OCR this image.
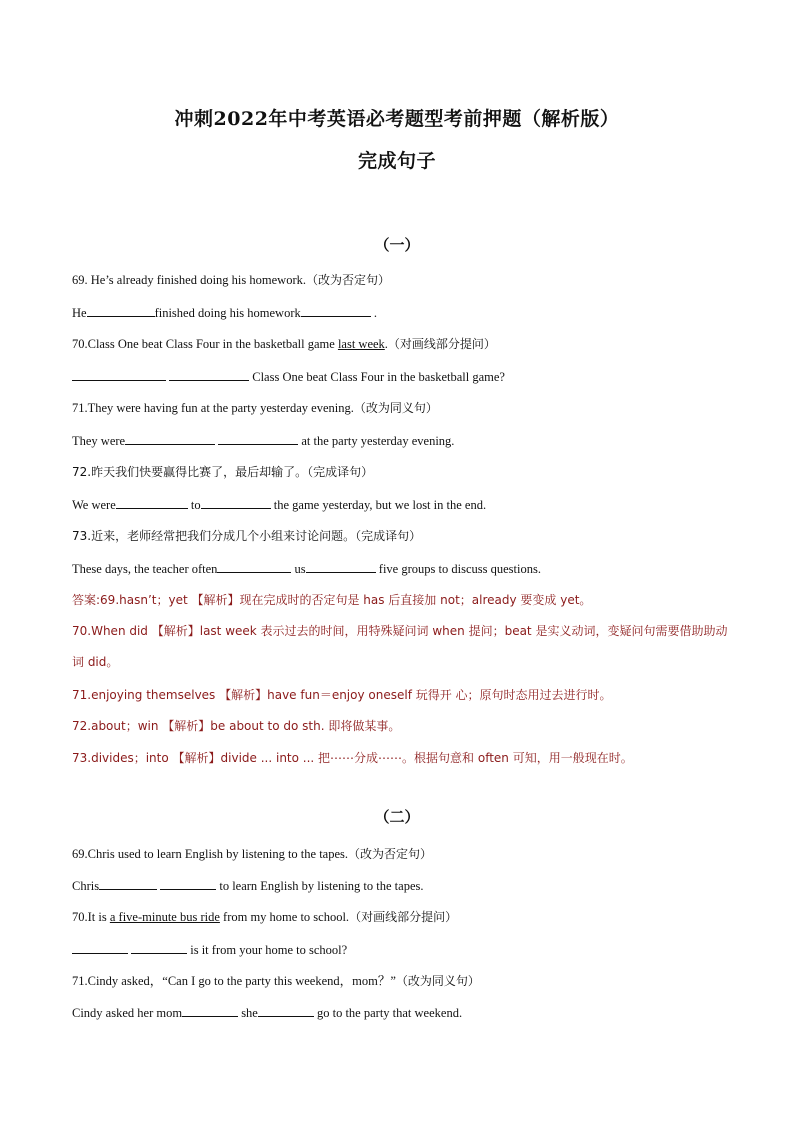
冲刺2022年中考英语必考题型考前押题（解析版）
完成句子
（一）
69. He’s already finished doing his homework.（改为否定句）
He	finished doing his homework	.
70.Class One beat Class Four in the basketball game last week.（对画线部分提问）
Class One beat Class Four in the basketball game?
71.They were having fun at the party yesterday evening.（改为同义句）
They were	at the party yesterday evening.
72.昨天我们快要赢得比赛了，最后却输了。（完成译句）
We were	to	the game yesterday, but we lost in the end.
73.近来，老师经常把我们分成几个小组来讨论问题。（完成译句）
These days, the teacher often	us	five groups to discuss questions.
答案:69.hasn’t；yet 【解析】现在完成时的否定句是 has 后直接加 not；already 要变成 yet。
70.When did 【解析】last week 表示过去的时间，用特殊疑问词 when 提问；beat 是实义动词，变疑问句需要借助助动词 did。
71.enjoying themselves 【解析】have fun＝enjoy oneself 玩得开 心；原句时态用过去进行时。
72.about；win 【解析】be about to do sth. 即将做某事。
73.divides；into 【解析】divide ... into ... 把⋯⋯分成⋯⋯。根据句意和 often 可知，用一般现在时。
（二）
69.Chris used to learn English by listening to the tapes.（改为否定句）
Chris	to learn English by listening to the tapes.
70.It is a five-minute bus ride from my home to school.（对画线部分提问）
is it from your home to school?
71.Cindy asked，“Can I go to the party this weekend，mom？”（改为同义句）
Cindy asked her mom	she	go to the party that weekend.
